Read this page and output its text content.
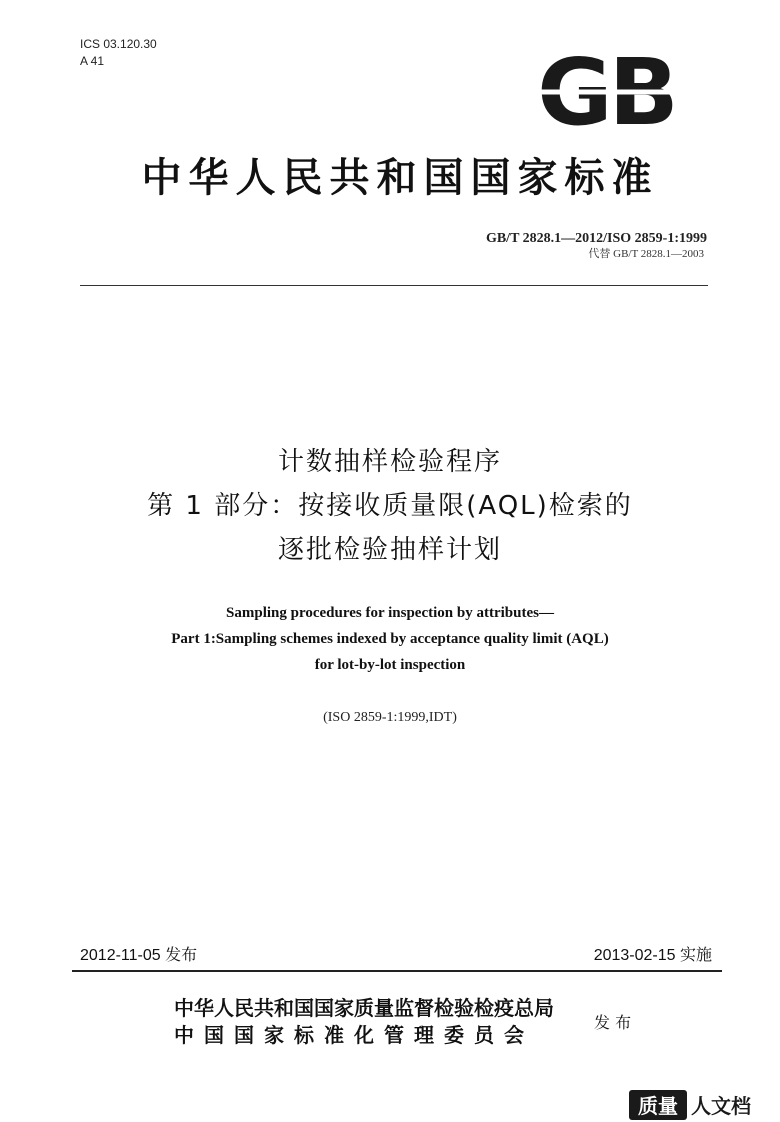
ICS 03.120.30
A 41	GB
中华人民共和国国家标准
GB/T 2828.1—2012/ISO 2859-1:1999
代替 GB/T 2828.1—2003
计数抽样检验程序
第 1 部分：按接收质量限(AQL)检索的
逐批检验抽样计划
Sampling procedures for inspection by attributes—
Part 1:Sampling schemes indexed by acceptance quality limit (AQL)
for lot-by-lot inspection
(ISO 2859-1:1999,IDT)
2012-11-05 发布	2013-02-15 实施
中华人民共和国国家质量监督检验检疫总局
中国国家标准化管理委员会
发 布
质量 人文档
